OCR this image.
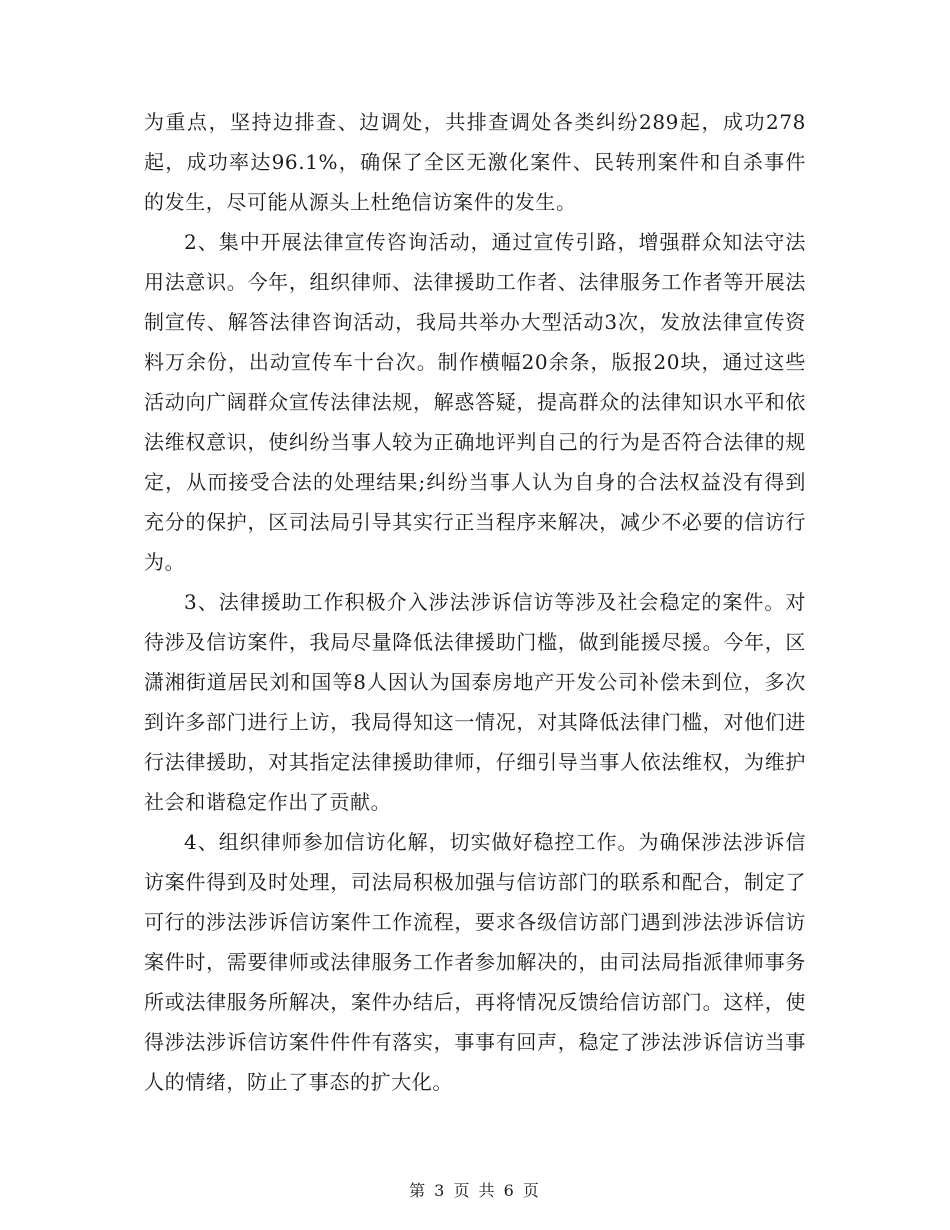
为重点，坚持边排查、边调处，共排查调处各类纠纷289起，成功278起，成功率达96.1%，确保了全区无激化案件、民转刑案件和自杀事件的发生，尽可能从源头上杜绝信访案件的发生。

2、集中开展法律宣传咨询活动，通过宣传引路，增强群众知法守法用法意识。今年，组织律师、法律援助工作者、法律服务工作者等开展法制宣传、解答法律咨询活动，我局共举办大型活动3次，发放法律宣传资料万余份，出动宣传车十台次。制作横幅20余条，版报20块，通过这些活动向广阔群众宣传法律法规，解惑答疑，提高群众的法律知识水平和依法维权意识，使纠纷当事人较为正确地评判自己的行为是否符合法律的规定，从而接受合法的处理结果;纠纷当事人认为自身的合法权益没有得到充分的保护，区司法局引导其实行正当程序来解决，减少不必要的信访行为。

3、法律援助工作积极介入涉法涉诉信访等涉及社会稳定的案件。对待涉及信访案件，我局尽量降低法律援助门槛，做到能援尽援。今年，区潇湘街道居民刘和国等8人因认为国泰房地产开发公司补偿未到位，多次到许多部门进行上访，我局得知这一情况，对其降低法律门槛，对他们进行法律援助，对其指定法律援助律师，仔细引导当事人依法维权，为维护社会和谐稳定作出了贡献。

4、组织律师参加信访化解，切实做好稳控工作。为确保涉法涉诉信访案件得到及时处理，司法局积极加强与信访部门的联系和配合，制定了可行的涉法涉诉信访案件工作流程，要求各级信访部门遇到涉法涉诉信访案件时，需要律师或法律服务工作者参加解决的，由司法局指派律师事务所或法律服务所解决，案件办结后，再将情况反馈给信访部门。这样，使得涉法涉诉信访案件件件有落实，事事有回声，稳定了涉法涉诉信访当事人的情绪，防止了事态的扩大化。

第 3 页 共 6 页
